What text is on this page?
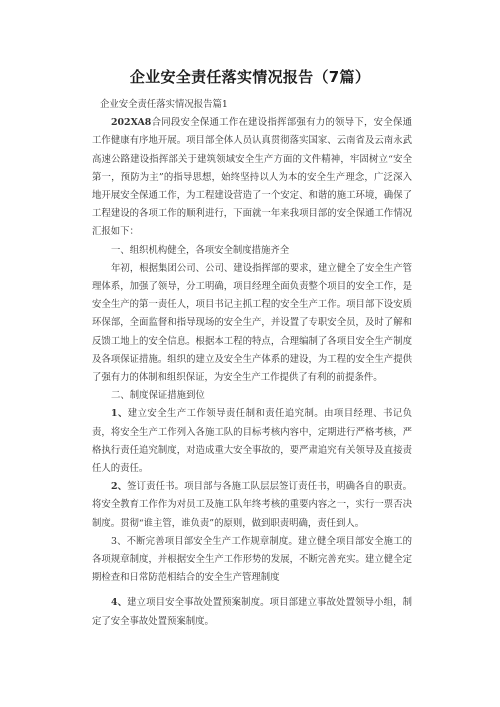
企业安全责任落实情况报告（7篇）

企业安全责任落实情况报告篇1

202XA8合同段安全保通工作在建设指挥部强有力的领导下，安全保通工作健康有序地开展。项目部全体人员认真贯彻落实国家、云南省及云南永武高速公路建设指挥部关于建筑领域安全生产方面的文件精神，牢固树立“安全第一，预防为主”的指导思想，始终坚持以人为本的安全生产理念，广泛深入地开展安全保通工作，为工程建设营造了一个安定、和谐的施工环境，确保了工程建设的各项工作的顺利进行，下面就一年来我项目部的安全保通工作情况汇报如下：

一、组织机构健全，各项安全制度措施齐全

年初，根据集团公司、公司、建设指挥部的要求，建立健全了安全生产管理体系，加强了领导，分工明确，项目经理全面负责整个项目的安全工作，是安全生产的第一责任人，项目书记主抓工程的安全生产工作。项目部下设安质环保部，全面监督和指导现场的安全生产，并设置了专职安全员，及时了解和反馈工地上的安全信息。根据本工程的特点，合理编制了各项目安全生产制度及各项保证措施。组织的建立及安全生产体系的建设，为工程的安全生产提供了强有力的体制和组织保证，为安全生产工作提供了有利的前提条件。

二、制度保证措施到位

1、建立安全生产工作领导责任制和责任追究制。由项目经理、书记负责，将安全生产工作列入各施工队的目标考核内容中，定期进行严格考核，严格执行责任追究制度，对造成重大安全事故的，要严肃追究有关领导及直接责任人的责任。

2、签订责任书。项目部与各施工队层层签订责任书，明确各自的职责。将安全教育工作作为对员工及施工队年终考核的重要内容之一，实行一票否决制度。贯彻“谁主管，谁负责”的原则，做到职责明确，责任到人。

3、不断完善项目部安全生产工作规章制度。建立健全项目部安全施工的各项规章制度，并根据安全生产工作形势的发展，不断完善充实。建立健全定期检查和日常防范相结合的安全生产管理制度

4、建立项目安全事故处置预案制度。项目部建立事故处置领导小组，制定了安全事故处置预案制度。
